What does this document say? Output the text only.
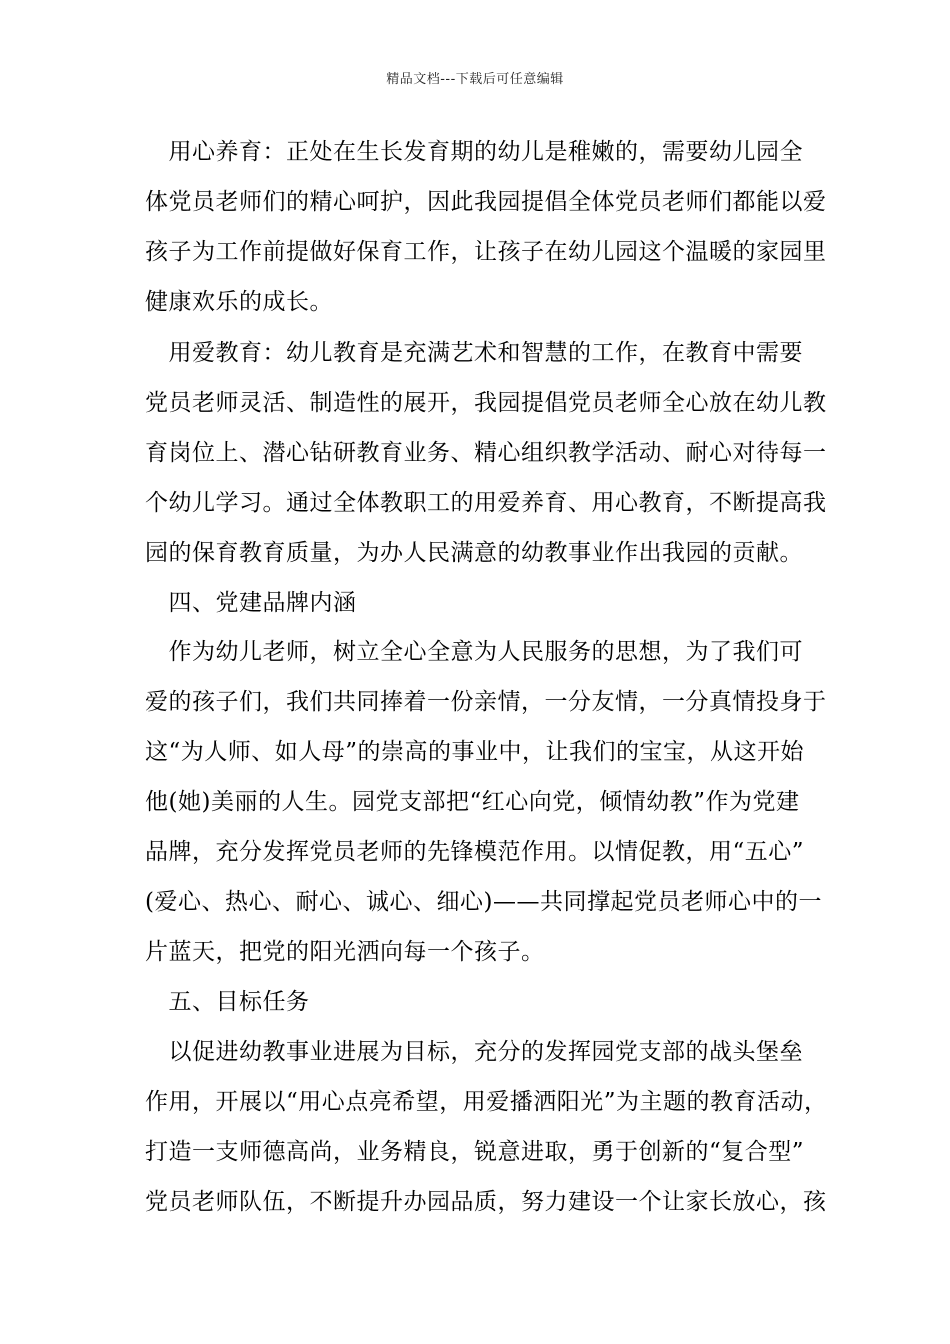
精品文档---下载后可任意编辑
　用心养育：正处在生长发育期的幼儿是稚嫩的，需要幼儿园全
体党员老师们的精心呵护，因此我园提倡全体党员老师们都能以爱
孩子为工作前提做好保育工作，让孩子在幼儿园这个温暖的家园里
健康欢乐的成长。
　用爱教育：幼儿教育是充满艺术和智慧的工作，在教育中需要
党员老师灵活、制造性的展开，我园提倡党员老师全心放在幼儿教
育岗位上、潜心钻研教育业务、精心组织教学活动、耐心对待每一
个幼儿学习。通过全体教职工的用爱养育、用心教育，不断提高我
园的保育教育质量，为办人民满意的幼教事业作出我园的贡献。
　四、党建品牌内涵
　作为幼儿老师，树立全心全意为人民服务的思想，为了我们可
爱的孩子们，我们共同捧着一份亲情，一分友情，一分真情投身于
这“为人师、如人母”的崇高的事业中，让我们的宝宝，从这开始
他(她)美丽的人生。园党支部把“红心向党，倾情幼教”作为党建
品牌，充分发挥党员老师的先锋模范作用。以情促教，用“五心”
(爱心、热心、耐心、诚心、细心)——共同撑起党员老师心中的一
片蓝天，把党的阳光洒向每一个孩子。
　五、目标任务
　以促进幼教事业进展为目标，充分的发挥园党支部的战头堡垒
作用，开展以“用心点亮希望，用爱播洒阳光”为主题的教育活动，
打造一支师德高尚，业务精良，锐意进取，勇于创新的“复合型”
党员老师队伍，不断提升办园品质，努力建设一个让家长放心，孩
